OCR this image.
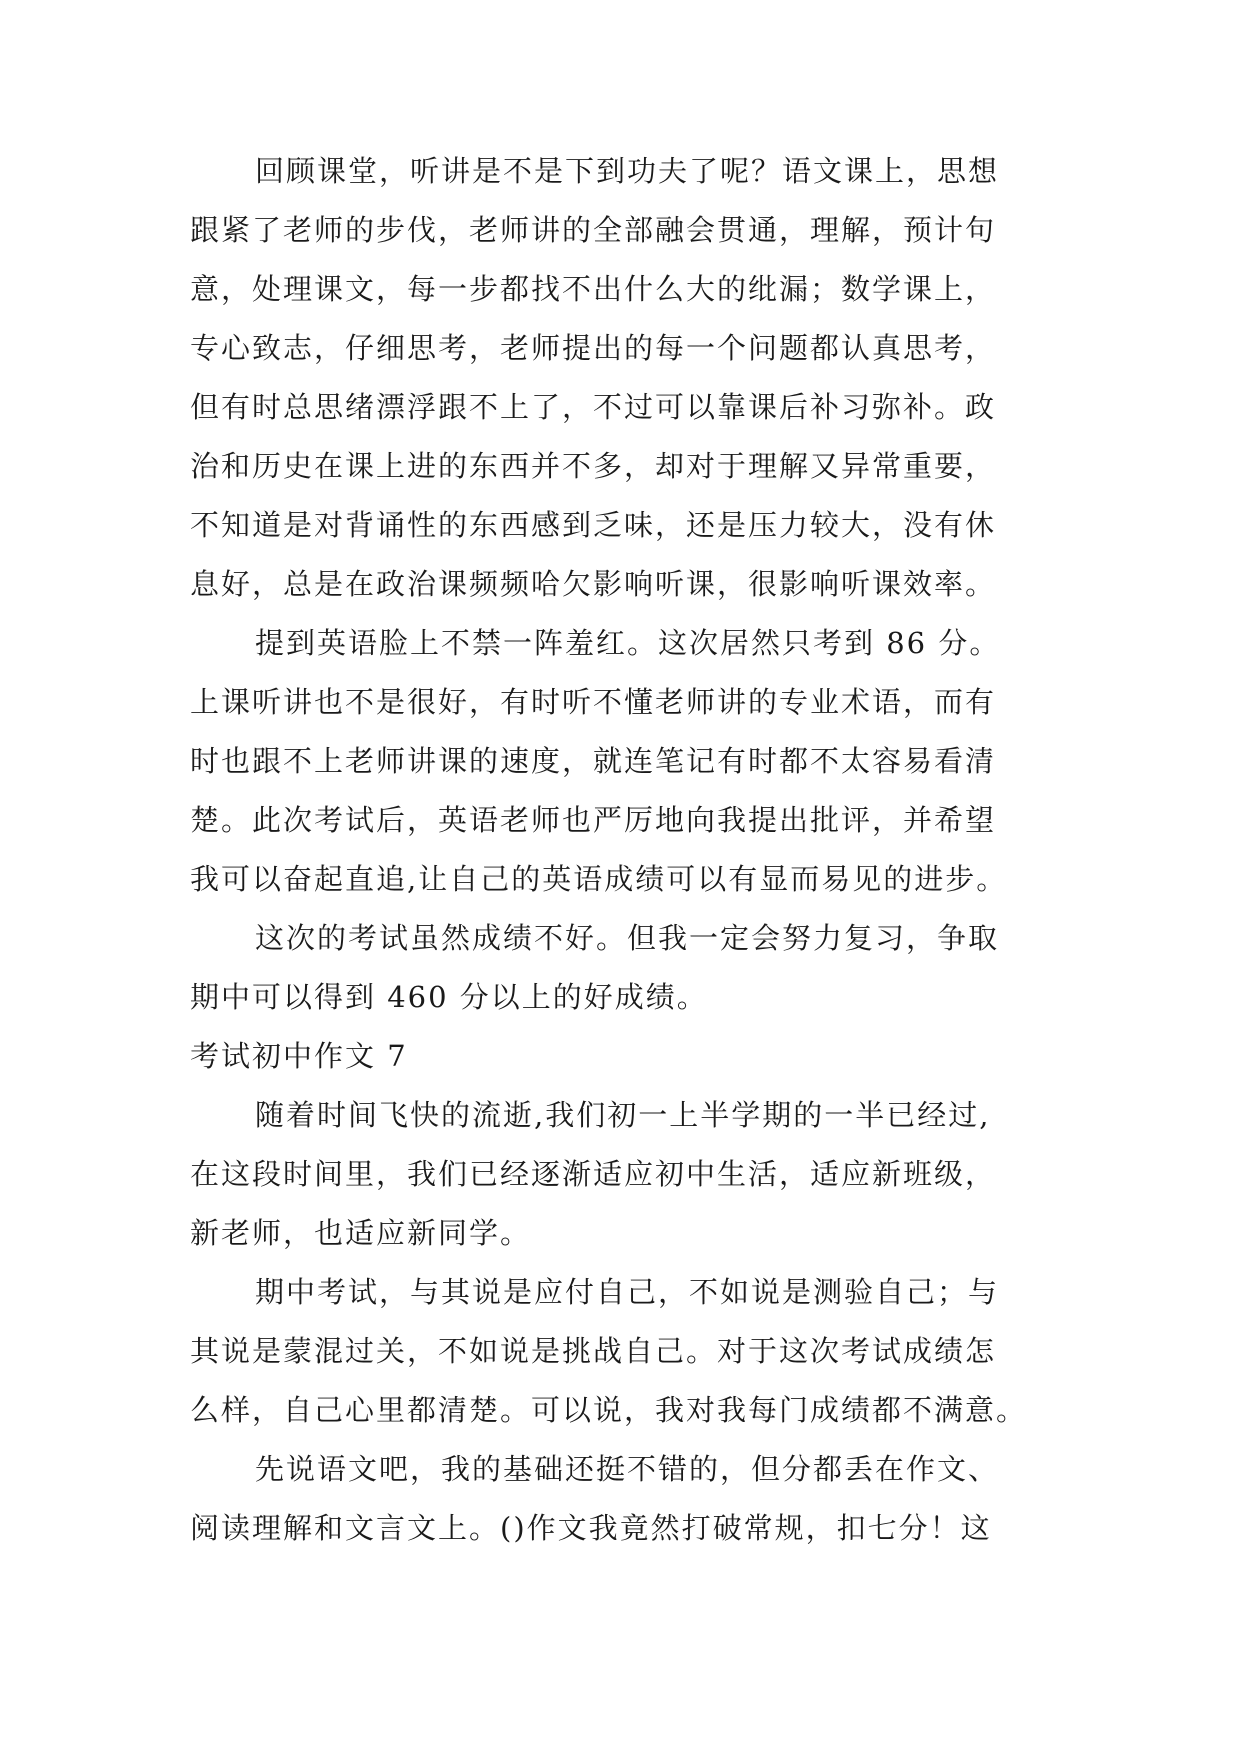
回顾课堂，听讲是不是下到功夫了呢？语文课上，思想

跟紧了老师的步伐，老师讲的全部融会贯通，理解，预计句

意，处理课文，每一步都找不出什么大的纰漏；数学课上，

专心致志，仔细思考，老师提出的每一个问题都认真思考，

但有时总思绪漂浮跟不上了，不过可以靠课后补习弥补。政

治和历史在课上进的东西并不多，却对于理解又异常重要，

不知道是对背诵性的东西感到乏味，还是压力较大，没有休

息好，总是在政治课频频哈欠影响听课，很影响听课效率。

提到英语脸上不禁一阵羞红。这次居然只考到 86 分。

上课听讲也不是很好，有时听不懂老师讲的专业术语，而有

时也跟不上老师讲课的速度，就连笔记有时都不太容易看清

楚。此次考试后，英语老师也严厉地向我提出批评，并希望

我可以奋起直追,让自己的英语成绩可以有显而易见的进步。

这次的考试虽然成绩不好。但我一定会努力复习，争取

期中可以得到 460 分以上的好成绩。

考试初中作文 7

随着时间飞快的流逝,我们初一上半学期的一半已经过,

在这段时间里，我们已经逐渐适应初中生活，适应新班级，

新老师，也适应新同学。

期中考试，与其说是应付自己，不如说是测验自己；与

其说是蒙混过关，不如说是挑战自己。对于这次考试成绩怎

么样，自己心里都清楚。可以说，我对我每门成绩都不满意。

先说语文吧，我的基础还挺不错的，但分都丢在作文、

阅读理解和文言文上。()作文我竟然打破常规，扣七分！这
